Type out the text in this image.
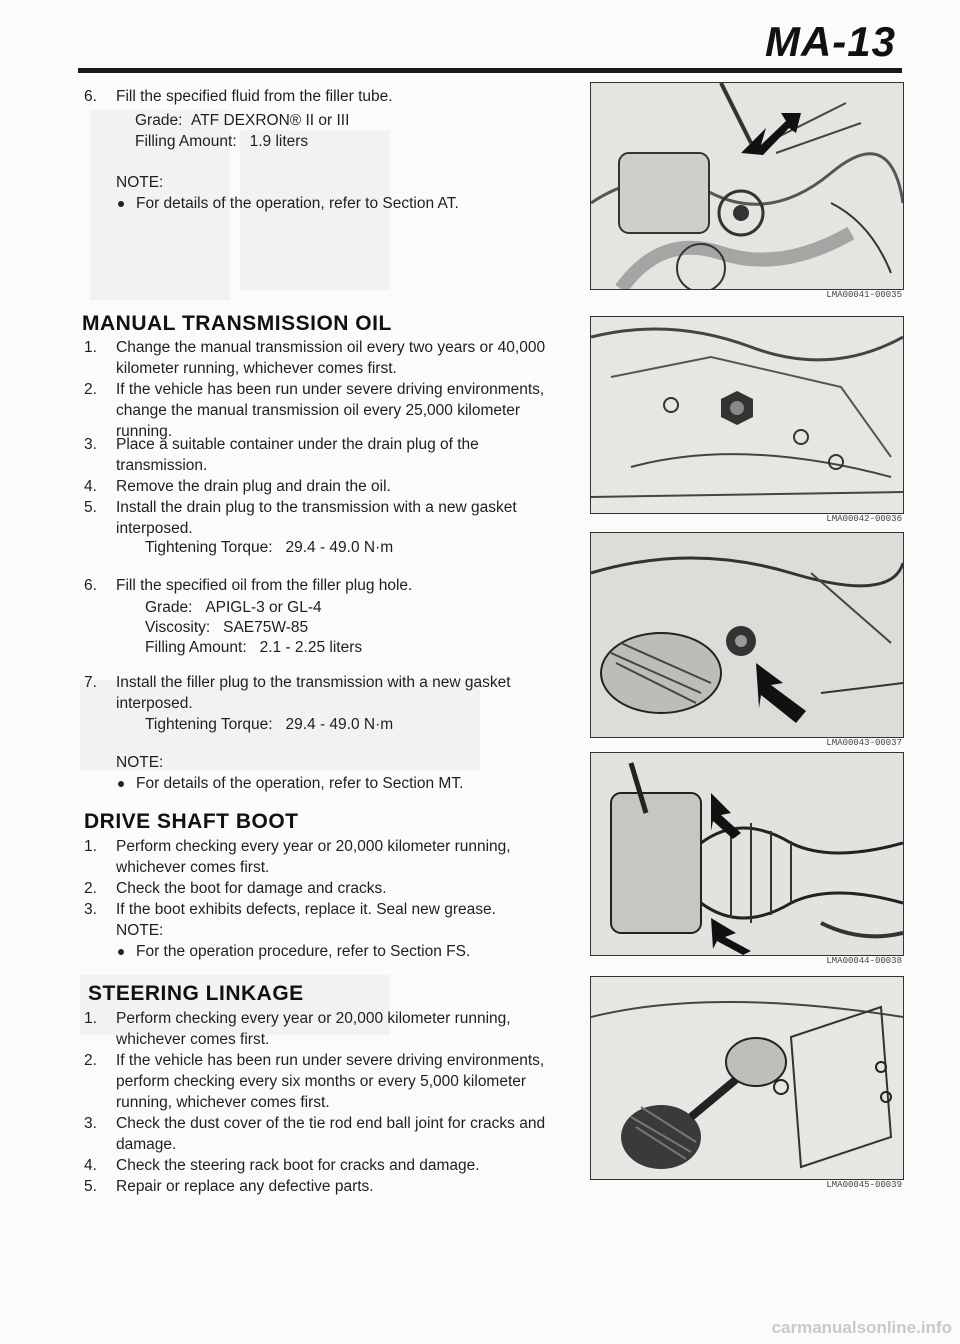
MA-13
6. Fill the specified fluid from the filler tube.
Grade: ATF DEXRON® II or III
Filling Amount: 1.9 liters
NOTE:
For details of the operation, refer to Section AT.
MANUAL TRANSMISSION OIL
1. Change the manual transmission oil every two years or 40,000 kilometer running, whichever comes first.
2. If the vehicle has been run under severe driving environments, change the manual transmission oil every 25,000 kilometer running.
3. Place a suitable container under the drain plug of the transmission.
4. Remove the drain plug and drain the oil.
5. Install the drain plug to the transmission with a new gasket interposed.
Tightening Torque: 29.4 - 49.0 N·m
6. Fill the specified oil from the filler plug hole.
Grade: APIGL-3 or GL-4
Viscosity: SAE75W-85
Filling Amount: 2.1 - 2.25 liters
7. Install the filler plug to the transmission with a new gasket interposed.
Tightening Torque: 29.4 - 49.0 N·m
NOTE:
For details of the operation, refer to Section MT.
DRIVE SHAFT BOOT
1. Perform checking every year or 20,000 kilometer running, whichever comes first.
2. Check the boot for damage and cracks.
3. If the boot exhibits defects, replace it. Seal new grease.
NOTE:
For the operation procedure, refer to Section FS.
STEERING LINKAGE
1. Perform checking every year or 20,000 kilometer running, whichever comes first.
2. If the vehicle has been run under severe driving environments, perform checking every six months or every 5,000 kilometer running, whichever comes first.
3. Check the dust cover of the tie rod end ball joint for cracks and damage.
4. Check the steering rack boot for cracks and damage.
5. Repair or replace any defective parts.
LMA00041-00035
LMA00042-00036
LMA00043-00037
LMA00044-00038
LMA00045-00039
carmanualsonline.info
